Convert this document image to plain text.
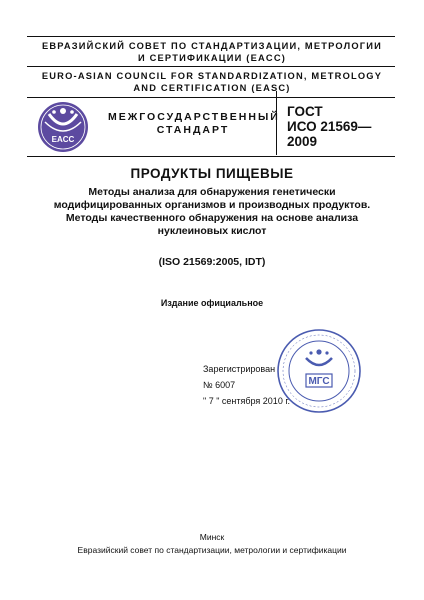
ЕВРАЗИЙСКИЙ СОВЕТ ПО СТАНДАРТИЗАЦИИ, МЕТРОЛОГИИ
И СЕРТИФИКАЦИИ (EACC)
EURO-ASIAN COUNCIL FOR STANDARDIZATION, METROLOGY
AND CERTIFICATION (EASC)
EACC
МЕЖГОСУДАРСТВЕННЫЙ
СТАНДАРТ
ГОСТ
ИСО 21569—
2009
ПРОДУКТЫ ПИЩЕВЫЕ
Методы анализа для обнаружения генетически
модифицированных организмов и производных продуктов.
Методы качественного обнаружения на основе анализа
нуклеиновых кислот
(ISO 21569:2005, IDT)
Издание официальное
МГС
Зарегистрирован
№ 6007
" 7 " сентября 2010 г.
Минск
Евразийский совет по стандартизации, метрологии и сертификации
